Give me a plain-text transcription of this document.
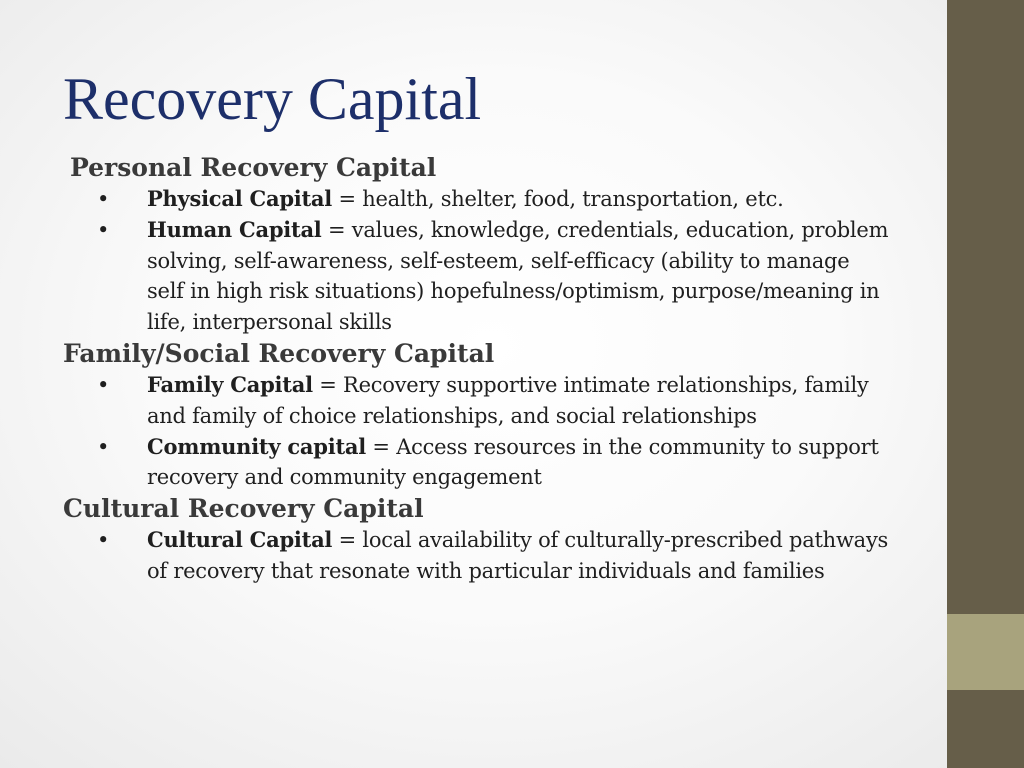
Recovery Capital
Personal Recovery Capital
• Physical Capital = health, shelter, food, transportation, etc.
• Human Capital = values, knowledge, credentials, education, problem solving, self-awareness, self-esteem, self-efficacy (ability to manage self in high risk situations) hopefulness/optimism, purpose/meaning in life, interpersonal skills
Family/Social Recovery Capital
• Family Capital = Recovery supportive intimate relationships, family and family of choice relationships, and social relationships
• Community capital = Access resources in the community to support recovery and community engagement
Cultural Recovery Capital
• Cultural Capital = local availability of culturally-prescribed pathways of recovery that resonate with particular individuals and families
